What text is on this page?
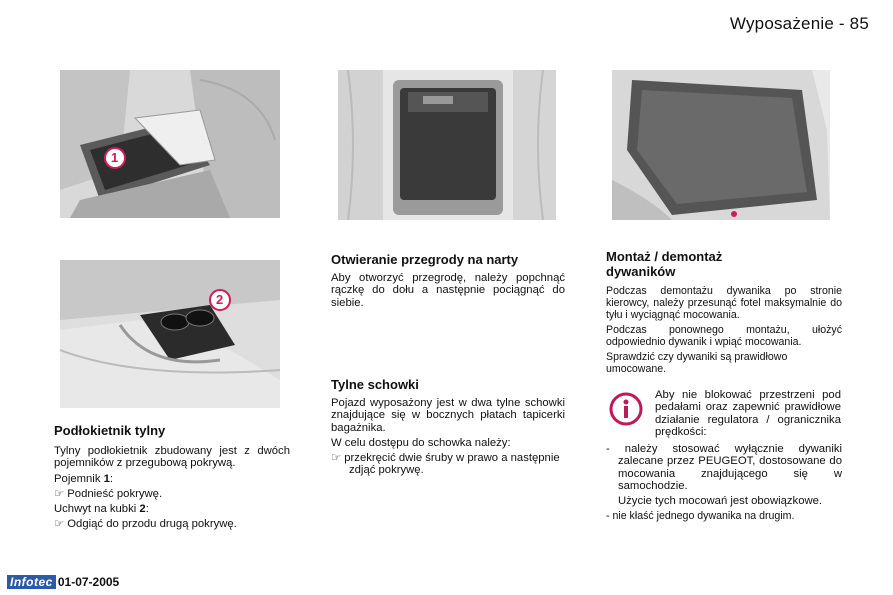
Wyposażenie - 85
1
2
Podłokietnik tylny

Tylny podłokietnik zbudowany jest z dwóch pojemników z przegubową pokrywą.

Pojemnik 1:

☞ Podnieść pokrywę.

Uchwyt na kubki 2:

☞ Odgiąć do przodu drugą pokrywę.

Otwieranie przegrody na narty

Aby otworzyć przegrodę, należy popchnąć rączkę do dołu a następnie pociągnąć do siebie.

Tylne schowki

Pojazd wyposażony jest w dwa tylne schowki znajdujące się w bocznych płatach tapicerki bagażnika.

W celu dostępu do schowka należy:

☞ przekręcić dwie śruby w prawo a następnie zdjąć pokrywę.

Montaż / demontaż dywaników

Podczas demontażu dywanika po stronie kierowcy, należy przesunąć fotel maksymalnie do tyłu i wyciągnąć mocowania.

Podczas ponownego montażu, ułożyć odpowiednio dywanik i wpiąć mocowania.

Sprawdzić czy dywaniki są prawidłowo umocowane.

Aby nie blokować przestrzeni pod pedałami oraz zapewnić prawidłowe działanie regulatora / ogranicznika prędkości:

- należy stosować wyłącznie dywaniki zalecane przez PEUGEOT, dostosowane do mocowania znajdującego się w samochodzie.

Użycie tych mocowań jest obowiązkowe.

- nie kłaść jednego dywanika na drugim.

Infotec 01-07-2005
